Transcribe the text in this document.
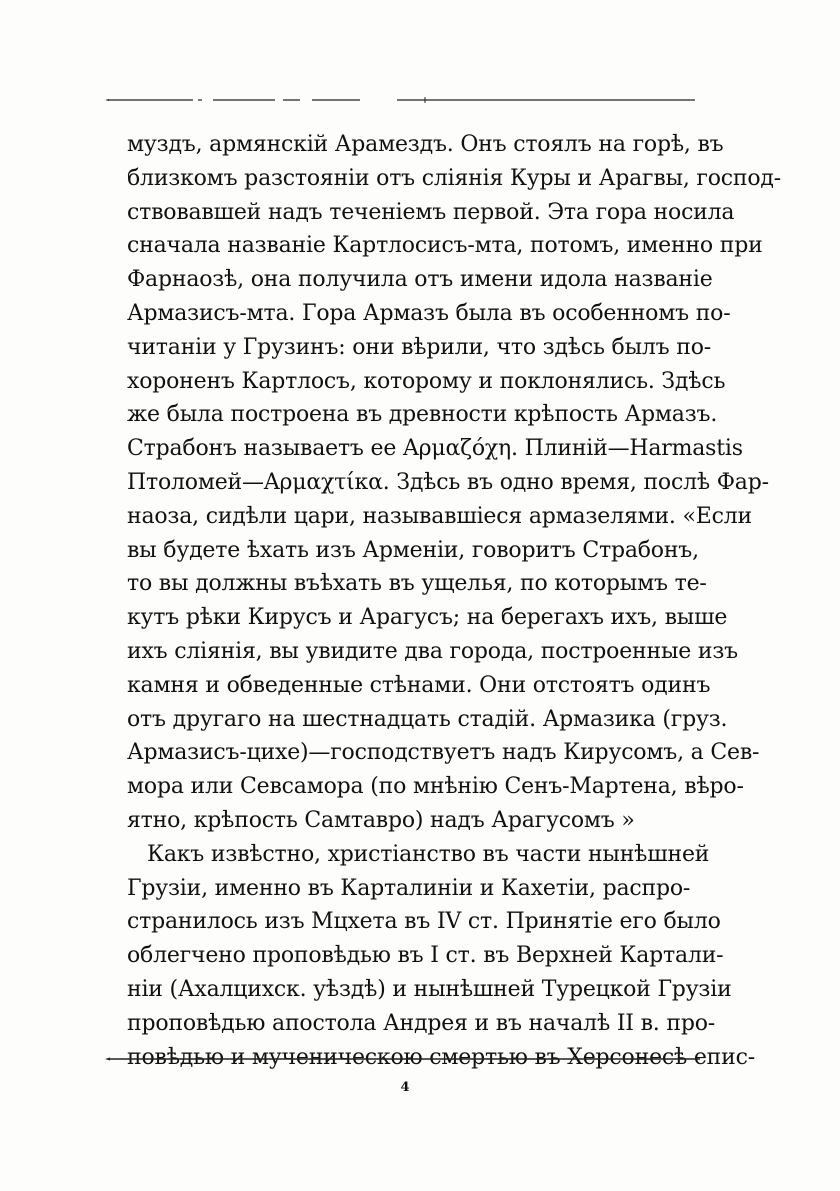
муздъ, армянскій Арамездъ. Онъ стоялъ на горѣ, въ
близкомъ разстояніи отъ слiянія Куры и Арагвы, господ-
ствовавшей надъ теченіемъ первой. Эта гора носила
сначала названіе Картлосисъ-мта, потомъ, именно при
Фарнаозѣ, она получила отъ имени идола названіе
Армазисъ-мта. Гора Армазъ была въ особенномъ по-
читаніи у Грузинъ: они вѣрили, что здѣсь былъ по-
хороненъ Картлосъ, которому и поклонялись. Здѣсь
же была построена въ древности крѣпость Армазъ.
Страбонъ называетъ ее Αρμαζόχη. Плиній—Harmastis
Птоломей—Αρμαχτίκα. Здѣсь въ одно время, послѣ Фар-
наоза, сидѣли цари, называвшіеся армазелями. «Если
вы будете ѣхать изъ Арменіи, говоритъ Страбонъ,
то вы должны въѣхать въ ущелья, по которымъ те-
кутъ рѣки Кирусъ и Арагусъ; на берегахъ ихъ, выше
ихъ слiянія, вы увидите два города, построенные изъ
камня и обведенные стѣнами. Они отстоятъ одинъ
отъ другаго на шестнадцать стадій. Армазика (груз.
Армазисъ-цихе)—господствуетъ надъ Кирусомъ, а Сев-
мора или Севсамора (по мнѣнію Сенъ-Мартена, вѣро-
ятно, крѣпость Самтавро) надъ Арагусомъ »
Какъ извѣстно, христіанство въ части нынѣшней
Грузіи, именно въ Карталиніи и Кахетіи, распро-
странилось изъ Мцхета въ IV ст. Принятіе его было
облегчено проповѣдью въ I ст. въ Верхней Картали-
ніи (Ахалцихск. уѣздѣ) и нынѣшней Турецкой Грузіи
проповѣдью апостола Андрея и въ началѣ II в. про-
повѣдью и мученическою смертью въ Херсонесѣ епис-
4
